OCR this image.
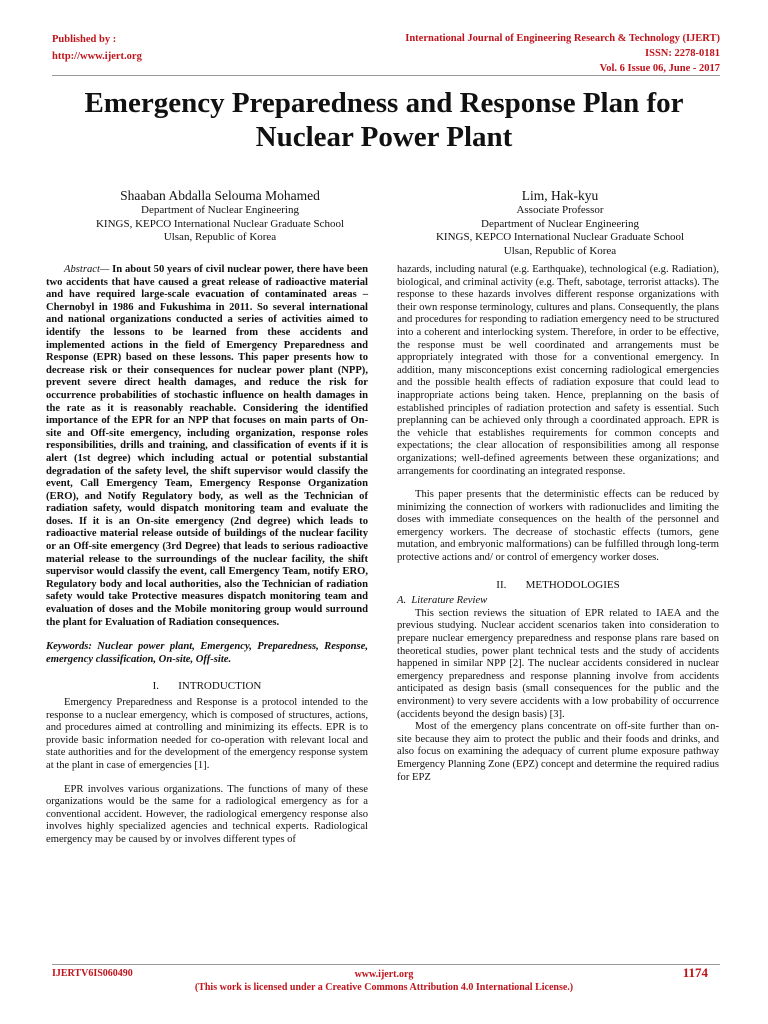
Published by :
http://www.ijert.org
International Journal of Engineering Research & Technology (IJERT)
ISSN: 2278-0181
Vol. 6 Issue 06, June - 2017
Emergency Preparedness and Response Plan for
Nuclear Power Plant
Shaaban Abdalla Selouma Mohamed
Department of Nuclear Engineering
KINGS, KEPCO International Nuclear Graduate School
Ulsan, Republic of Korea
Lim, Hak-kyu
Associate Professor
Department of Nuclear Engineering
KINGS, KEPCO International Nuclear Graduate School
Ulsan, Republic of Korea

Abstract— In about 50 years of civil nuclear power, there have been two accidents that have caused a great release of radioactive material and have required large-scale evacuation of contaminated areas – Chernobyl in 1986 and Fukushima in 2011. So several international and national organizations conducted a series of activities aimed to identify the lessons to be learned from these accidents and implemented actions in the field of Emergency Preparedness and Response (EPR) based on these lessons. This paper presents how to decrease risk or their consequences for nuclear power plant (NPP), prevent severe direct health damages, and reduce the risk for occurrence probabilities of stochastic influence on health damages in the rate as it is reasonably reachable. Considering the identified importance of the EPR for an NPP that focuses on main parts of On-site and Off-site emergency, including organization, response roles responsibilities, drills and training, and classification of events if it is alert (1st degree) which including actual or potential substantial degradation of the safety level, the shift supervisor would classify the event, Call Emergency Team, Emergency Response Organization (ERO), and Notify Regulatory body, as well as the Technician of radiation safety, would dispatch monitoring team and evaluate the doses. If it is an On-site emergency (2nd degree) which leads to radioactive material release outside of buildings of the nuclear facility or an Off-site emergency (3rd Degree) that leads to serious radioactive material release to the surroundings of the nuclear facility, the shift supervisor would classify the event, call Emergency Team, notify ERO, Regulatory body and local authorities, also the Technician of radiation safety would take Protective measures dispatch monitoring team and evaluation of doses and the Mobile monitoring group would surround the plant for Evaluation of Radiation consequences.

Keywords: Nuclear power plant, Emergency, Preparedness, Response, emergency classification, On-site, Off-site.

I.       INTRODUCTION

Emergency Preparedness and Response is a protocol intended to the response to a nuclear emergency, which is composed of structures, actions, and procedures aimed at controlling and minimizing its effects. EPR is to provide basic information needed for co-operation with relevant local and state authorities and for the development of the emergency response system at the plant in case of emergencies [1].

EPR involves various organizations. The functions of many of these organizations would be the same for a radiological emergency as for a conventional accident. However, the radiological emergency response also involves highly specialized agencies and technical experts. Radiological emergency may be caused by or involves different types of

hazards, including natural (e.g. Earthquake), technological (e.g. Radiation), biological, and criminal activity (e.g. Theft, sabotage, terrorist attacks). The response to these hazards involves different response organizations with their own response terminology, cultures and plans. Consequently, the plans and procedures for responding to radiation emergency need to be structured into a coherent and interlocking system. Therefore, in order to be effective, the response must be well coordinated and arrangements must be appropriately integrated with those for a conventional emergency. In addition, many misconceptions exist concerning radiological emergencies and the possible health effects of radiation exposure that could lead to inappropriate actions being taken. Hence, preplanning on the basis of established principles of radiation protection and safety is essential. Such preplanning can be achieved only through a coordinated approach. EPR is the vehicle that establishes requirements for common concepts and expectations; the clear allocation of responsibilities among all response organizations; well-defined agreements between these organizations; and arrangements for coordinating an integrated response.

This paper presents that the deterministic effects can be reduced by minimizing the connection of workers with radionuclides and limiting the doses with immediate consequences on the health of the personnel and emergency workers. The decrease of stochastic effects (tumors, gene mutation, and embryonic malformations) can be fulfilled through long-term protective actions and/ or control of emergency worker doses.

II.       METHODOLOGIES

A.  Literature Review

This section reviews the situation of EPR related to IAEA and the previous studying. Nuclear accident scenarios taken into consideration to prepare nuclear emergency preparedness and response plans rare based on theoretical studies, power plant technical tests and the study of accidents happened in similar NPP [2]. The nuclear accidents considered in nuclear emergency preparedness and response planning involve from accidents anticipated as design basis (small consequences for the public and the environment) to very severe accidents with a low probability of occurrence (accidents beyond the design basis) [3].

Most of the emergency plans concentrate on off-site further than on-site because they aim to protect the public and their foods and drinks, and also focus on examining the adequacy of current plume exposure pathway Emergency Planning Zone (EPZ) concept and determine the required radius for EPZ

IJERTV6IS060490	www.ijert.org
(This work is licensed under a Creative Commons Attribution 4.0 International License.)
1174
